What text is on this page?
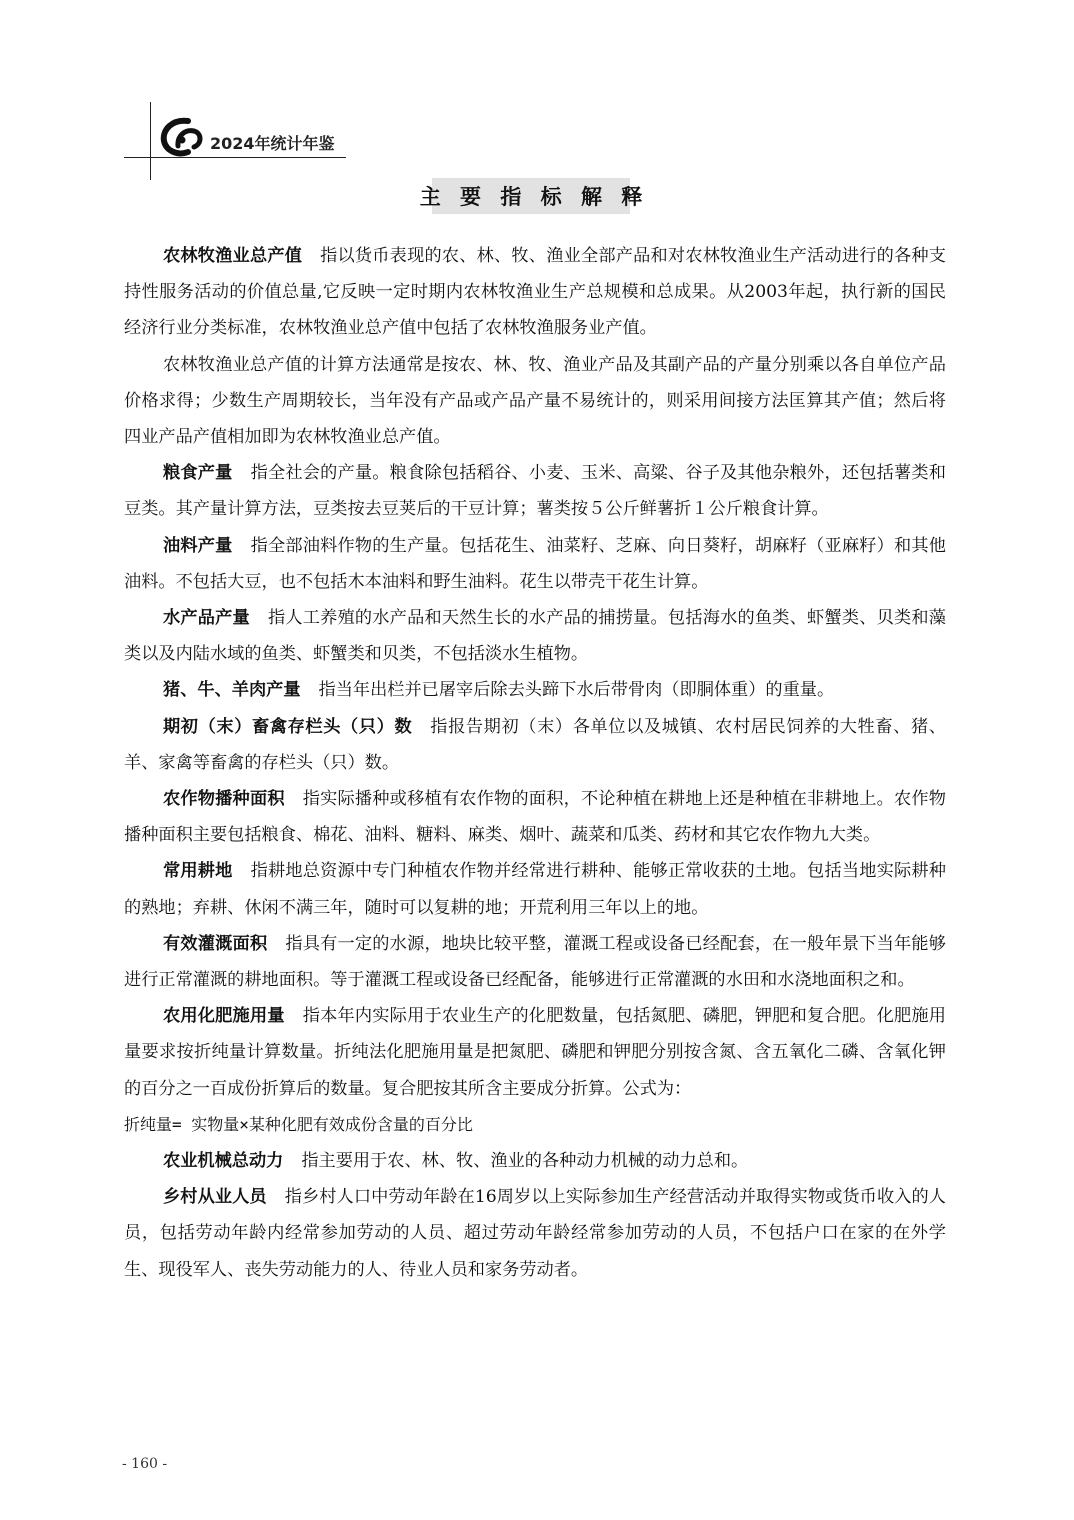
2024年统计年鉴
主 要 指 标 解 释

农林牧渔业总产值 指以货币表现的农、林、牧、渔业全部产品和对农林牧渔业生产活动进行的各种支持性服务活动的价值总量,它反映一定时期内农林牧渔业生产总规模和总成果。从2003年起，执行新的国民经济行业分类标准，农林牧渔业总产值中包括了农林牧渔服务业产值。

农林牧渔业总产值的计算方法通常是按农、林、牧、渔业产品及其副产品的产量分别乘以各自单位产品价格求得；少数生产周期较长，当年没有产品或产品产量不易统计的，则采用间接方法匡算其产值；然后将四业产品产值相加即为农林牧渔业总产值。

粮食产量 指全社会的产量。粮食除包括稻谷、小麦、玉米、高粱、谷子及其他杂粮外，还包括薯类和豆类。其产量计算方法，豆类按去豆荚后的干豆计算；薯类按５公斤鲜薯折１公斤粮食计算。

油料产量 指全部油料作物的生产量。包括花生、油菜籽、芝麻、向日葵籽，胡麻籽（亚麻籽）和其他油料。不包括大豆，也不包括木本油料和野生油料。花生以带壳干花生计算。

水产品产量 指人工养殖的水产品和天然生长的水产品的捕捞量。包括海水的鱼类、虾蟹类、贝类和藻类以及内陆水域的鱼类、虾蟹类和贝类，不包括淡水生植物。

猪、牛、羊肉产量 指当年出栏并已屠宰后除去头蹄下水后带骨肉（即胴体重）的重量。

期初（末）畜禽存栏头（只）数 指报告期初（末）各单位以及城镇、农村居民饲养的大牲畜、猪、羊、家禽等畜禽的存栏头（只）数。

农作物播种面积 指实际播种或移植有农作物的面积，不论种植在耕地上还是种植在非耕地上。农作物播种面积主要包括粮食、棉花、油料、糖料、麻类、烟叶、蔬菜和瓜类、药材和其它农作物九大类。

常用耕地 指耕地总资源中专门种植农作物并经常进行耕种、能够正常收获的土地。包括当地实际耕种的熟地；弃耕、休闲不满三年，随时可以复耕的地；开荒利用三年以上的地。

有效灌溉面积 指具有一定的水源，地块比较平整，灌溉工程或设备已经配套，在一般年景下当年能够进行正常灌溉的耕地面积。等于灌溉工程或设备已经配备，能够进行正常灌溉的水田和水浇地面积之和。

农用化肥施用量 指本年内实际用于农业生产的化肥数量，包括氮肥、磷肥，钾肥和复合肥。化肥施用量要求按折纯量计算数量。折纯法化肥施用量是把氮肥、磷肥和钾肥分别按含氮、含五氧化二磷、含氧化钾的百分之一百成份折算后的数量。复合肥按其所含主要成分折算。公式为：

折纯量= 实物量×某种化肥有效成份含量的百分比

农业机械总动力 指主要用于农、林、牧、渔业的各种动力机械的动力总和。

乡村从业人员 指乡村人口中劳动年龄在16周岁以上实际参加生产经营活动并取得实物或货币收入的人员，包括劳动年龄内经常参加劳动的人员、超过劳动年龄经常参加劳动的人员，不包括户口在家的在外学生、现役军人、丧失劳动能力的人、待业人员和家务劳动者。

- 160 -
